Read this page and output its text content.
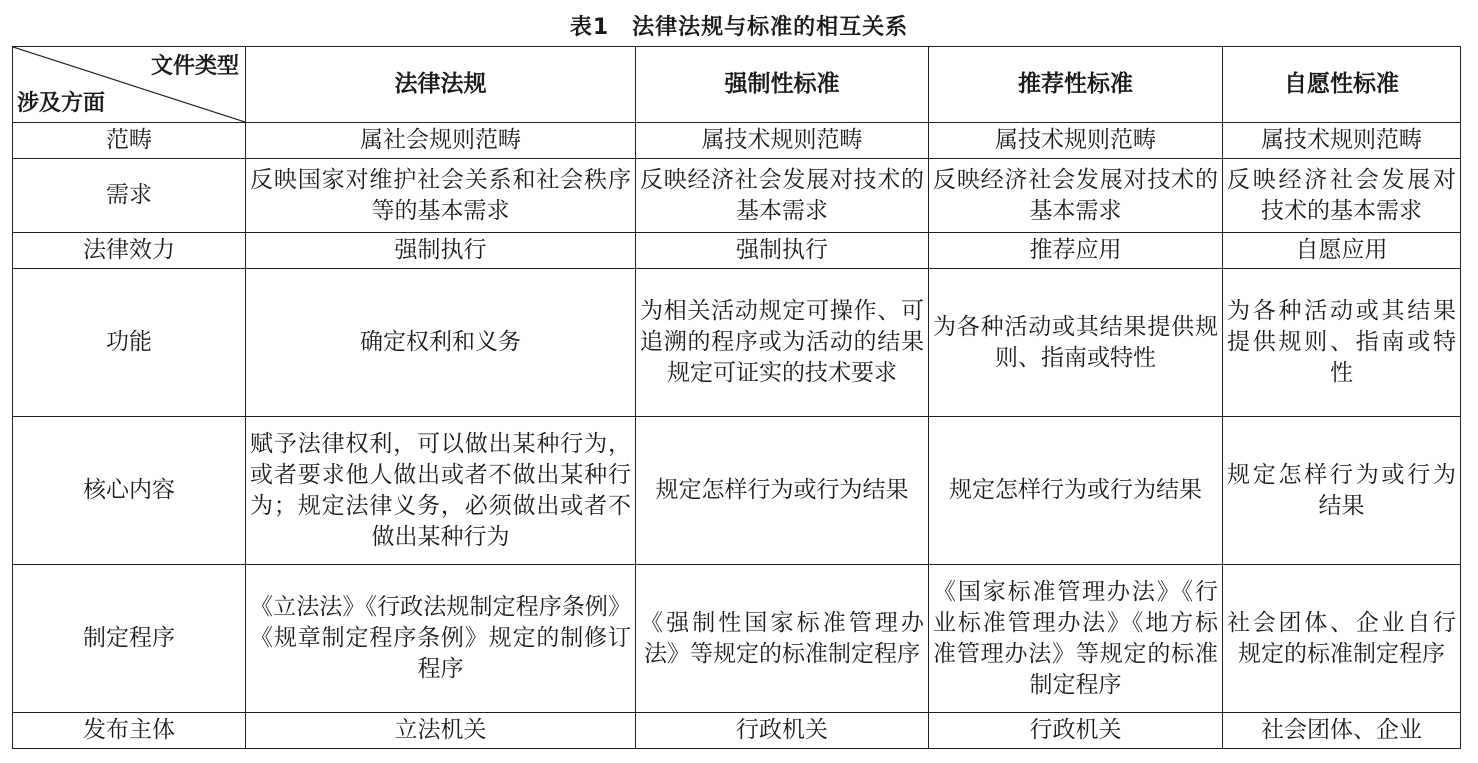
表1　法律法规与标准的相互关系
文件类型
涉及方面	法律法规	强制性标准	推荐性标准	自愿性标准
范畴	属社会规则范畴	属技术规则范畴	属技术规则范畴	属技术规则范畴
需求	反映国家对维护社会关系和社会秩序等的基本需求	反映经济社会发展对技术的基本需求	反映经济社会发展对技术的基本需求	反映经济社会发展对技术的基本需求
法律效力	强制执行	强制执行	推荐应用	自愿应用
功能	确定权利和义务	为相关活动规定可操作、可追溯的程序或为活动的结果规定可证实的技术要求	为各种活动或其结果提供规则、指南或特性	为各种活动或其结果提供规则、指南或特性
核心内容	赋予法律权利，可以做出某种行为，或者要求他人做出或者不做出某种行为；规定法律义务，必须做出或者不做出某种行为	规定怎样行为或行为结果	规定怎样行为或行为结果	规定怎样行为或行为结果
制定程序	《立法法》《行政法规制定程序条例》《规章制定程序条例》规定的制修订程序	《强制性国家标准管理办法》等规定的标准制定程序	《国家标准管理办法》《行业标准管理办法》《地方标准管理办法》等规定的标准制定程序	社会团体、企业自行规定的标准制定程序
发布主体	立法机关	行政机关	行政机关	社会团体、企业
